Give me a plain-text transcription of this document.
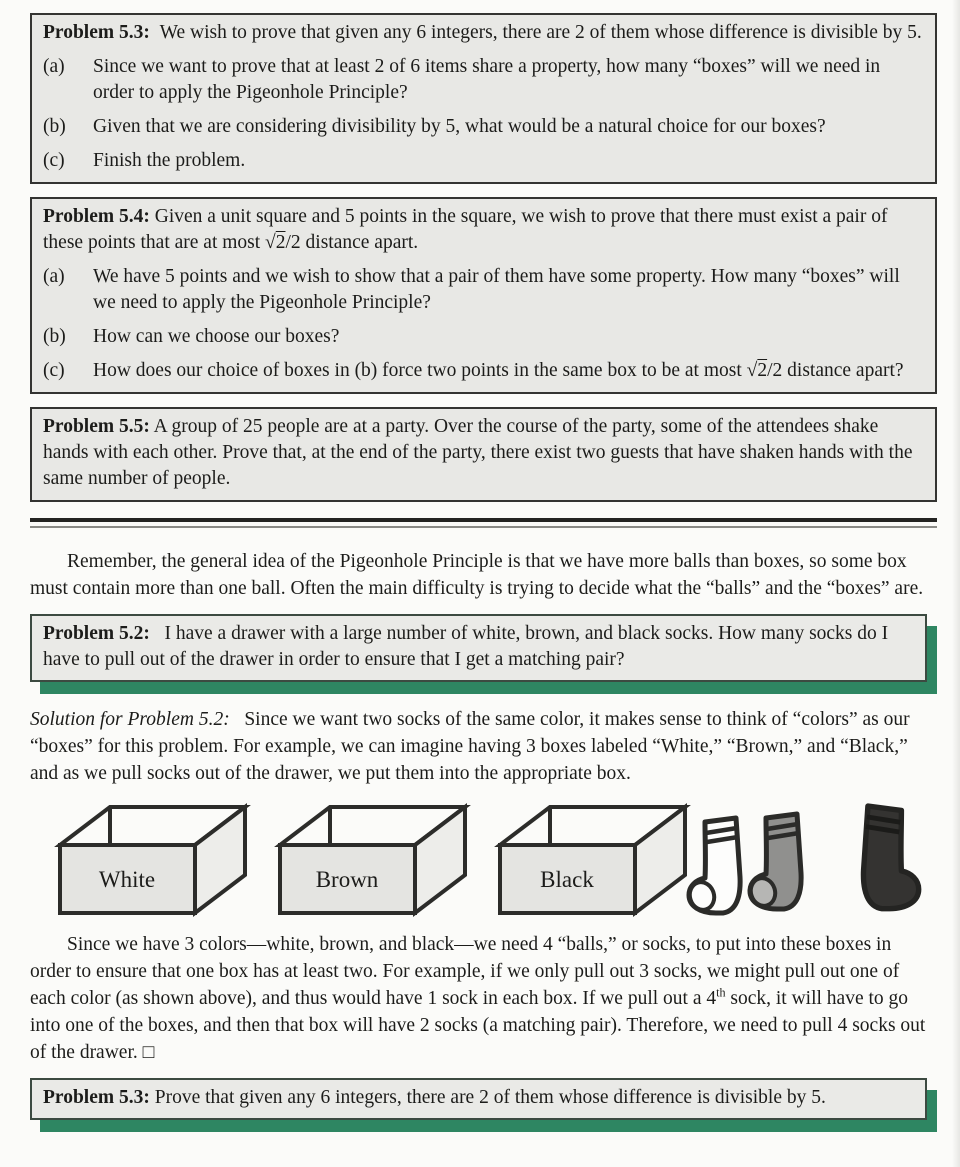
Problem 5.3: We wish to prove that given any 6 integers, there are 2 of them whose difference is divisible by 5.

(a)	Since we want to prove that at least 2 of 6 items share a property, how many “boxes” will we need in order to apply the Pigeonhole Principle?
(b)	Given that we are considering divisibility by 5, what would be a natural choice for our boxes?
(c)	Finish the problem.

Problem 5.4: Given a unit square and 5 points in the square, we wish to prove that there must exist a pair of these points that are at most √2/2 distance apart.

(a)	We have 5 points and we wish to show that a pair of them have some property. How many “boxes” will we need to apply the Pigeonhole Principle?
(b)	How can we choose our boxes?
(c)	How does our choice of boxes in (b) force two points in the same box to be at most √2/2 distance apart?

Problem 5.5: A group of 25 people are at a party. Over the course of the party, some of the attendees shake hands with each other. Prove that, at the end of the party, there exist two guests that have shaken hands with the same number of people.

Remember, the general idea of the Pigeonhole Principle is that we have more balls than boxes, so some box must contain more than one ball. Often the main difficulty is trying to decide what the “balls” and the “boxes” are.

Problem 5.2:  I have a drawer with a large number of white, brown, and black socks. How many socks do I have to pull out of the drawer in order to ensure that I get a matching pair?

Solution for Problem 5.2:  Since we want two socks of the same color, it makes sense to think of “colors” as our “boxes” for this problem. For example, we can imagine having 3 boxes labeled “White,” “Brown,” and “Black,” and as we pull socks out of the drawer, we put them into the appropriate box.

White	Brown	Black

Since we have 3 colors—white, brown, and black—we need 4 “balls,” or socks, to put into these boxes in order to ensure that one box has at least two. For example, if we only pull out 3 socks, we might pull out one of each color (as shown above), and thus would have 1 sock in each box. If we pull out a 4th sock, it will have to go into one of the boxes, and then that box will have 2 socks (a matching pair). Therefore, we need to pull 4 socks out of the drawer. □

Problem 5.3: Prove that given any 6 integers, there are 2 of them whose difference is divisible by 5.
